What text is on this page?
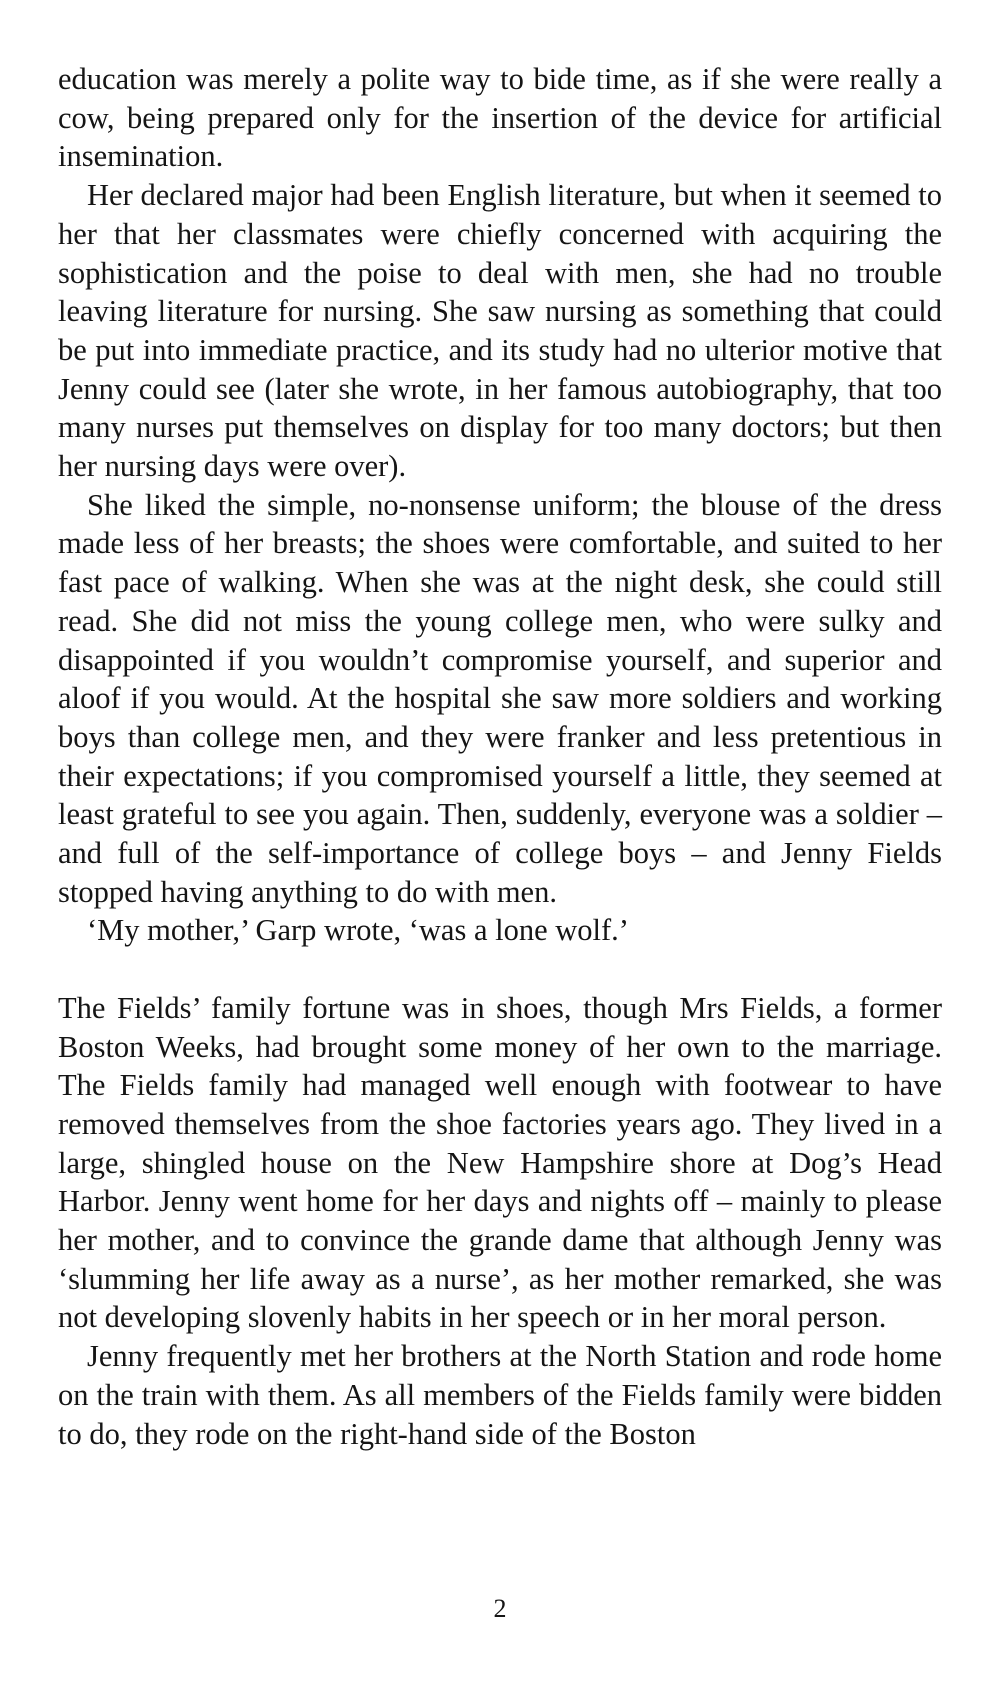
education was merely a polite way to bide time, as if she were really a cow, being prepared only for the insertion of the device for artificial insemination.

Her declared major had been English literature, but when it seemed to her that her classmates were chiefly concerned with acquiring the sophistication and the poise to deal with men, she had no trouble leaving literature for nursing. She saw nursing as something that could be put into immediate practice, and its study had no ulterior motive that Jenny could see (later she wrote, in her famous autobiography, that too many nurses put themselves on display for too many doctors; but then her nursing days were over).

She liked the simple, no-nonsense uniform; the blouse of the dress made less of her breasts; the shoes were comfortable, and suited to her fast pace of walking. When she was at the night desk, she could still read. She did not miss the young college men, who were sulky and disappointed if you wouldn’t compromise yourself, and superior and aloof if you would. At the hospital she saw more soldiers and working boys than college men, and they were franker and less pretentious in their expectations; if you compromised yourself a little, they seemed at least grateful to see you again. Then, suddenly, everyone was a soldier – and full of the self-importance of college boys – and Jenny Fields stopped having anything to do with men.

‘My mother,’ Garp wrote, ‘was a lone wolf.’

The Fields’ family fortune was in shoes, though Mrs Fields, a former Boston Weeks, had brought some money of her own to the marriage. The Fields family had managed well enough with footwear to have removed themselves from the shoe factories years ago. They lived in a large, shingled house on the New Hampshire shore at Dog’s Head Harbor. Jenny went home for her days and nights off – mainly to please her mother, and to convince the grande dame that although Jenny was ‘slumming her life away as a nurse’, as her mother remarked, she was not developing slovenly habits in her speech or in her moral person.

Jenny frequently met her brothers at the North Station and rode home on the train with them. As all members of the Fields family were bidden to do, they rode on the right-hand side of the Boston

2
